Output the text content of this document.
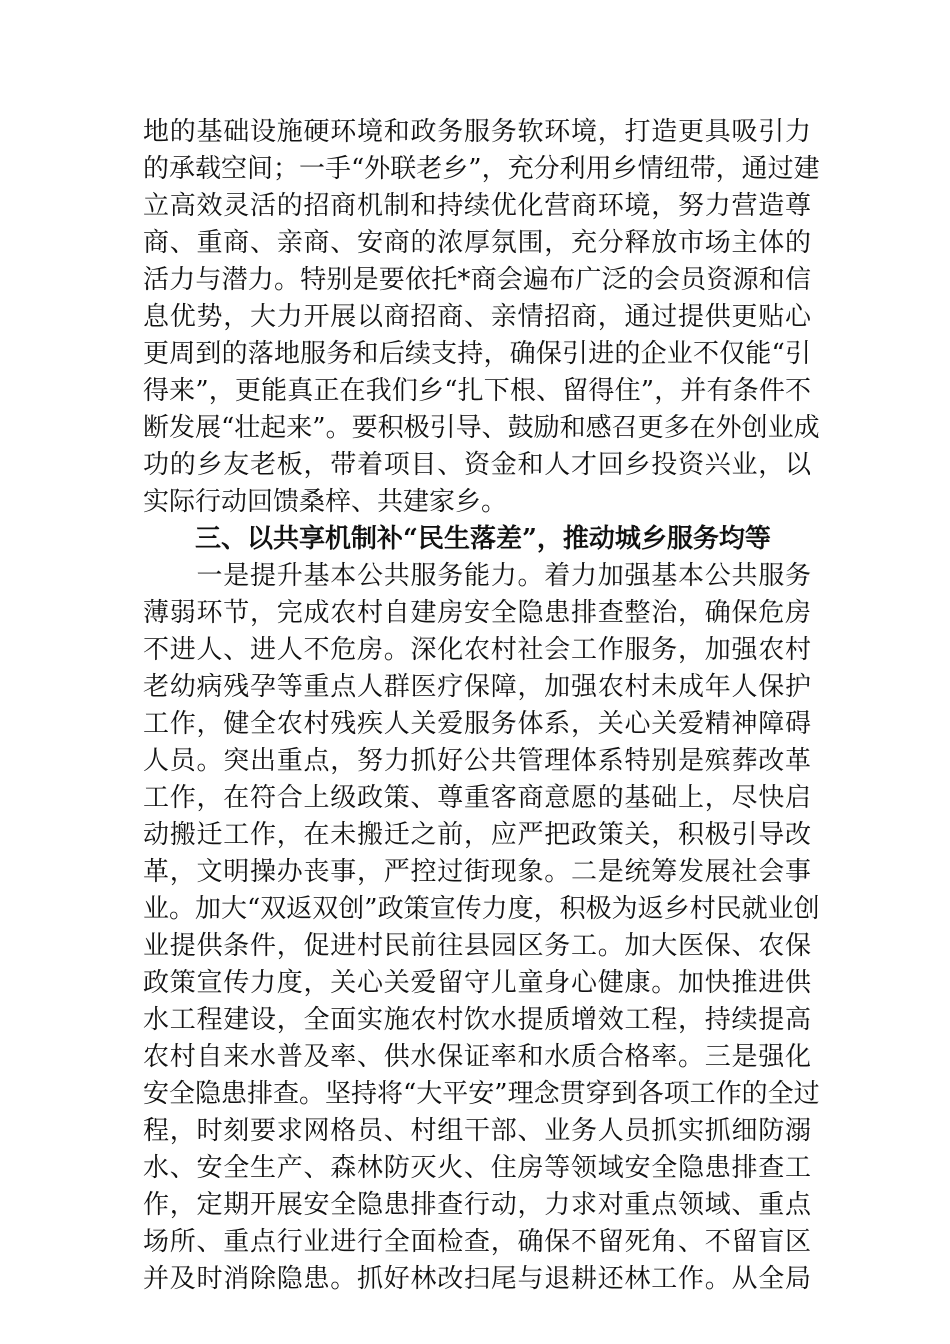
地的基础设施硬环境和政务服务软环境，打造更具吸引力
的承载空间；一手“外联老乡”，充分利用乡情纽带，通过建
立高效灵活的招商机制和持续优化营商环境，努力营造尊
商、重商、亲商、安商的浓厚氛围，充分释放市场主体的
活力与潜力。特别是要依托*商会遍布广泛的会员资源和信
息优势，大力开展以商招商、亲情招商，通过提供更贴心
更周到的落地服务和后续支持，确保引进的企业不仅能“引
得来”，更能真正在我们乡“扎下根、留得住”，并有条件不
断发展“壮起来”。要积极引导、鼓励和感召更多在外创业成
功的乡友老板，带着项目、资金和人才回乡投资兴业，以
实际行动回馈桑梓、共建家乡。
三、以共享机制补“民生落差”，推动城乡服务均等
　　一是提升基本公共服务能力。着力加强基本公共服务
薄弱环节，完成农村自建房安全隐患排查整治，确保危房
不进人、进人不危房。深化农村社会工作服务，加强农村
老幼病残孕等重点人群医疗保障，加强农村未成年人保护
工作，健全农村残疾人关爱服务体系，关心关爱精神障碍
人员。突出重点，努力抓好公共管理体系特别是殡葬改革
工作，在符合上级政策、尊重客商意愿的基础上，尽快启
动搬迁工作，在未搬迁之前，应严把政策关，积极引导改
革，文明操办丧事，严控过街现象。二是统筹发展社会事
业。加大“双返双创”政策宣传力度，积极为返乡村民就业创
业提供条件，促进村民前往县园区务工。加大医保、农保
政策宣传力度，关心关爱留守儿童身心健康。加快推进供
水工程建设，全面实施农村饮水提质增效工程，持续提高
农村自来水普及率、供水保证率和水质合格率。三是强化
安全隐患排查。坚持将“大平安”理念贯穿到各项工作的全过
程，时刻要求网格员、村组干部、业务人员抓实抓细防溺
水、安全生产、森林防灭火、住房等领域安全隐患排查工
作，定期开展安全隐患排查行动，力求对重点领域、重点
场所、重点行业进行全面检查，确保不留死角、不留盲区
并及时消除隐患。抓好林改扫尾与退耕还林工作。从全局
